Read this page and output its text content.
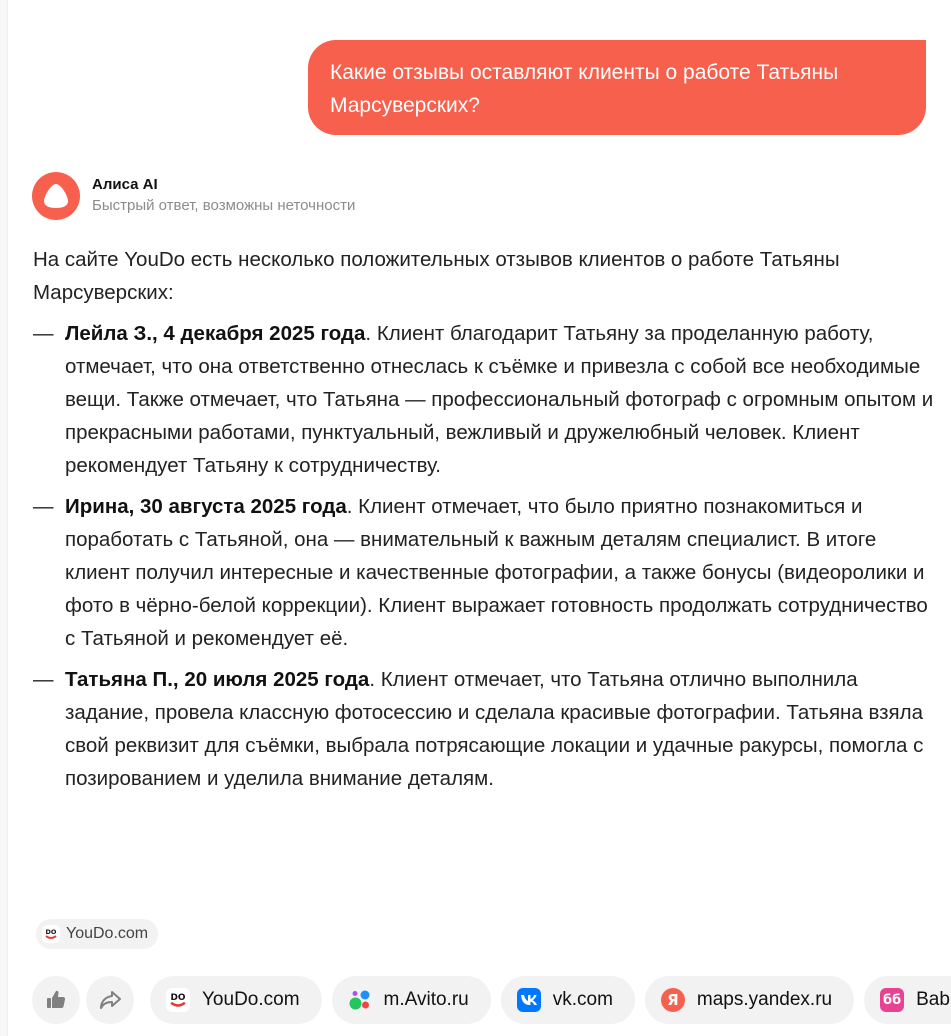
Какие отзывы оставляют клиенты о работе Татьяны Марсуверских?
Алиса AI
Быстрый ответ, возможны неточности
На сайте YouDo есть несколько положительных отзывов клиентов о работе Татьяны Марсуверских:
— Лейла З., 4 декабря 2025 года. Клиент благодарит Татьяну за проделанную работу, отмечает, что она ответственно отнеслась к съёмке и привезла с собой все необходимые вещи. Также отмечает, что Татьяна — профессиональный фотограф с огромным опытом и прекрасными работами, пунктуальный, вежливый и дружелюбный человек. Клиент рекомендует Татьяну к сотрудничеству.
— Ирина, 30 августа 2025 года. Клиент отмечает, что было приятно познакомиться и поработать с Татьяной, она — внимательный к важным деталям специалист. В итоге клиент получил интересные и качественные фотографии, а также бонусы (видеоролики и фото в чёрно-белой коррекции). Клиент выражает готовность продолжать сотрудничество с Татьяной и рекомендует её.
— Татьяна П., 20 июля 2025 года. Клиент отмечает, что Татьяна отлично выполнила задание, провела классную фотосессию и сделала красивые фотографии. Татьяна взяла свой реквизит для съёмки, выбрала потрясающие локации и удачные ракурсы, помогла с позированием и уделила внимание деталям.
DO YouDo.com
DO YouDo.com	m.Avito.ru	vk.com	Я maps.yandex.ru	бб Bab
